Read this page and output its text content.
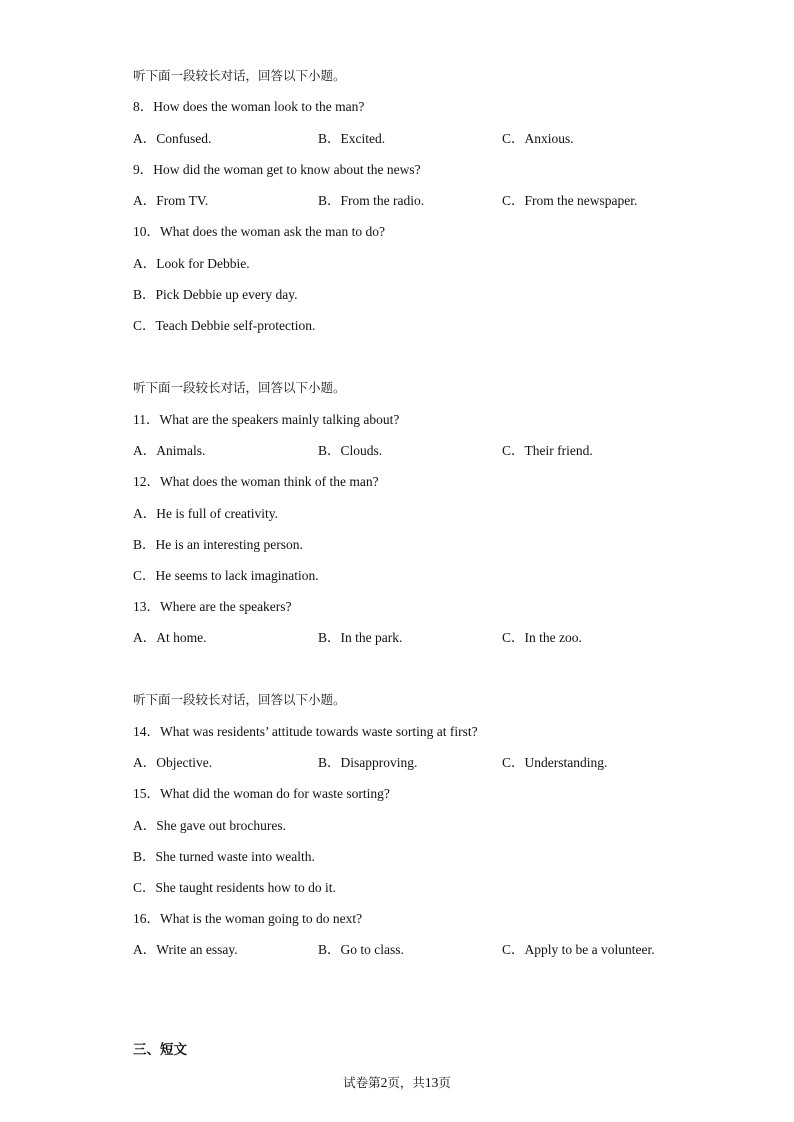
听下面一段较长对话，回答以下小题。
8．How does the woman look to the man?
A．Confused.	B．Excited.	C．Anxious.
9．How did the woman get to know about the news?
A．From TV.	B．From the radio.	C．From the newspaper.
10．What does the woman ask the man to do?
A．Look for Debbie.
B．Pick Debbie up every day.
C．Teach Debbie self-protection.
听下面一段较长对话，回答以下小题。
11．What are the speakers mainly talking about?
A．Animals.	B．Clouds.	C．Their friend.
12．What does the woman think of the man?
A．He is full of creativity.
B．He is an interesting person.
C．He seems to lack imagination.
13．Where are the speakers?
A．At home.	B．In the park.	C．In the zoo.
听下面一段较长对话，回答以下小题。
14．What was residents’ attitude towards waste sorting at first?
A．Objective.	B．Disapproving.	C．Understanding.
15．What did the woman do for waste sorting?
A．She gave out brochures.
B．She turned waste into wealth.
C．She taught residents how to do it.
16．What is the woman going to do next?
A．Write an essay.	B．Go to class.	C．Apply to be a volunteer.
三、短文
试卷第2页，共13页
